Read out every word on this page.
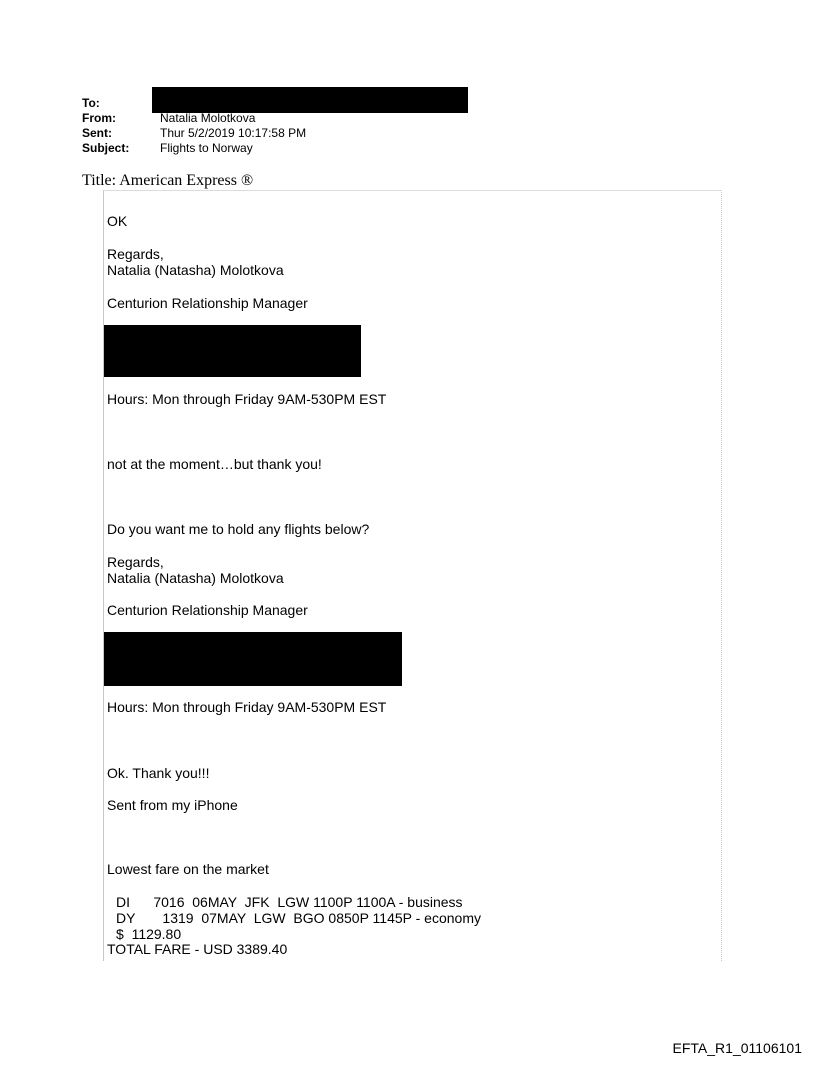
To:
From:	Natalia Molotkova
Sent:	Thur 5/2/2019 10:17:58 PM
Subject:	Flights to Norway
Title: American Express ®
OK
Regards,
Natalia (Natasha) Molotkova
Centurion Relationship Manager
Hours: Mon through Friday 9AM-530PM EST
not at the moment…but thank you!
Do you want me to hold any flights below?
Regards,
Natalia (Natasha) Molotkova
Centurion Relationship Manager
Hours: Mon through Friday 9AM-530PM EST
Ok. Thank you!!!
Sent from my iPhone
Lowest fare on the market
DI      7016  06MAY  JFK  LGW 1100P 1100A - business
DY       1319  07MAY  LGW  BGO 0850P 1145P - economy
$  1129.80
TOTAL FARE - USD 3389.40
EFTA_R1_01106101
